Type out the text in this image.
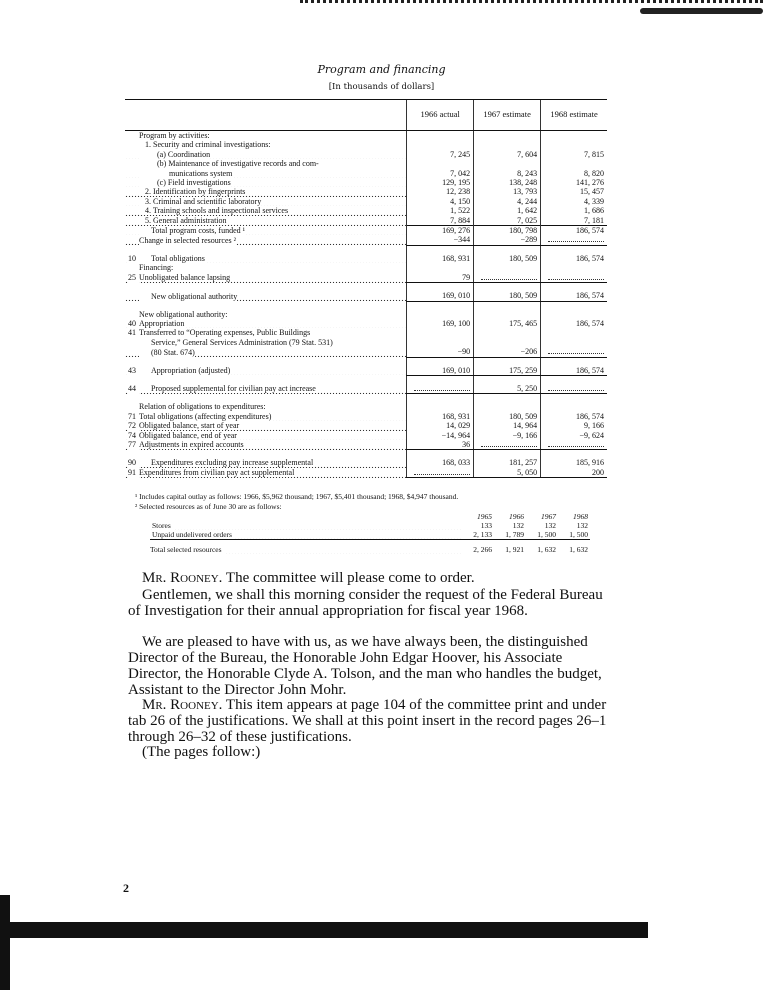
Program and financing
[In thousands of dollars]
	1966 actual	1967 estimate	1968 estimate
Program by activities:			
1. Security and criminal investigations:			
(a) Coordination	7, 245	7, 604	7, 815
(b) Maintenance of investigative records and com-			
munications system	7, 042	8, 243	8, 820
(c) Field investigations	129, 195	138, 248	141, 276
2. Identification by fingerprints	12, 238	13, 793	15, 457
3. Criminal and scientific laboratory	4, 150	4, 244	4, 339
4. Training schools and inspectional services	1, 522	1, 642	1, 686
5. General administration	7, 884	7, 025	7, 181
Total program costs, funded ¹	169, 276	180, 798	186, 574
Change in selected resources ²	−344	−289	

10 Total obligations	168, 931	180, 509	186, 574
Financing:			
25 Unobligated balance lapsing	79		

New obligational authority	169, 010	180, 509	186, 574

New obligational authority:			
40 Appropriation	169, 100	175, 465	186, 574
41 Transferred to “Operating expenses, Public Buildings			
Service,” General Services Administration (79 Stat. 531)			
(80 Stat. 674)	−90	−206	

43 Appropriation (adjusted)	169, 010	175, 259	186, 574

44 Proposed supplemental for civilian pay act increase		5, 250	

Relation of obligations to expenditures:			
71 Total obligations (affecting expenditures)	168, 931	180, 509	186, 574
72 Obligated balance, start of year	14, 029	14, 964	9, 166
74 Obligated balance, end of year	−14, 964	−9, 166	−9, 624
77 Adjustments in expired accounts	36		

90 Expenditures excluding pay increase supplemental	168, 033	181, 257	185, 916
91 Expenditures from civilian pay act supplemental		5, 050	200
¹ Includes capital outlay as follows: 1966, $5,962 thousand; 1967, $5,401 thousand; 1968, $4,947 thousand.
² Selected resources as of June 30 are as follows:
	1965	1966	1967	1968
Stores	133	132	132	132
Unpaid undelivered orders	2, 133	1, 789	1, 500	1, 500

Total selected resources	2, 266	1, 921	1, 632	1, 632
Mr. Rooney. The committee will please come to order.
Gentlemen, we shall this morning consider the request of the Federal Bureau of Investigation for their annual appropriation for fiscal year 1968.
We are pleased to have with us, as we have always been, the distinguished Director of the Bureau, the Honorable John Edgar Hoover, his Associate Director, the Honorable Clyde A. Tolson, and the man who handles the budget, Assistant to the Director John Mohr.
Mr. Rooney. This item appears at page 104 of the committee print and under tab 26 of the justifications. We shall at this point insert in the record pages 26–1 through 26–32 of these justifications.
(The pages follow:)
2
